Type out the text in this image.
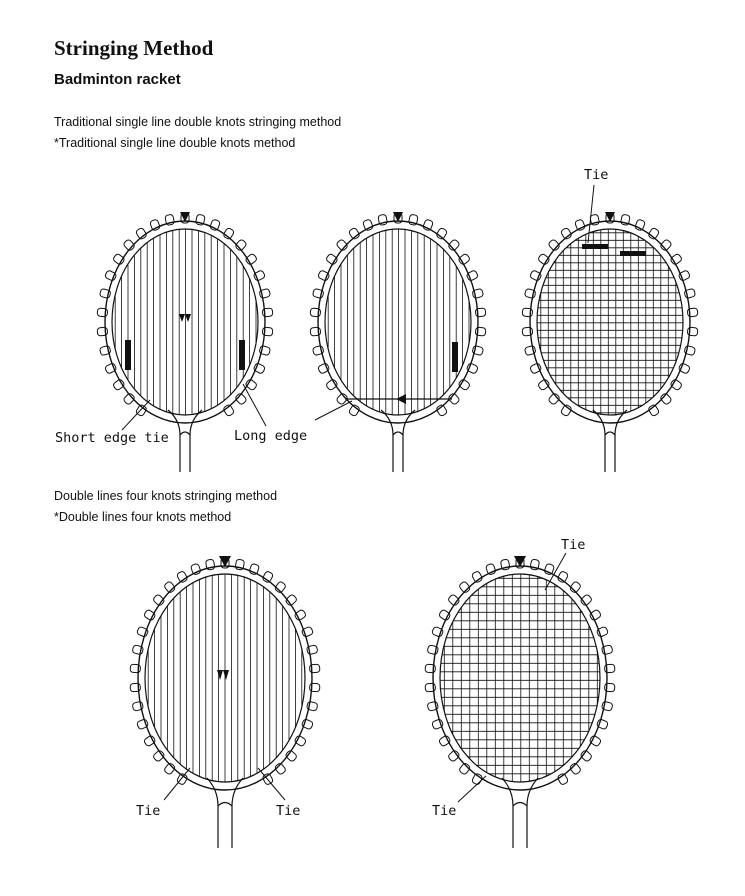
Stringing Method
Badminton racket

Traditional single line double knots stringing method

*Traditional single line double knots method

Double lines four knots stringing method

*Double lines four knots method

Short edge tie	Long edge
Tie
Tie	Tie
Tie
Tie
